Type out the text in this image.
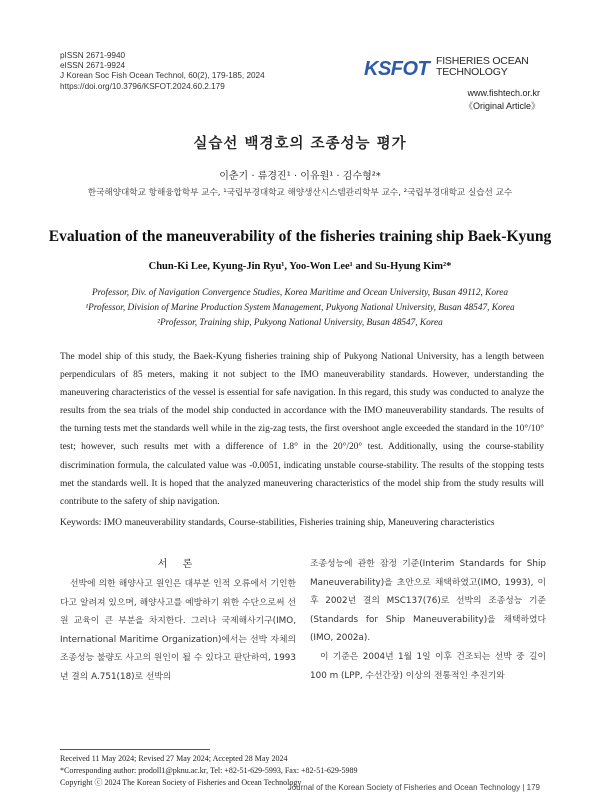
pISSN 2671-9940
eISSN 2671-9924
J Korean Soc Fish Ocean Technol, 60(2), 179-185, 2024
https://doi.org/10.3796/KSFOT.2024.60.2.179
KSFOT FISHERIES OCEAN
TECHNOLOGY
www.fishtech.or.kr
《Original Article》
실습선 백경호의 조종성능 평가
이춘기 · 류경진¹ · 이유원¹ · 김수형²*
한국해양대학교 항해융합학부 교수, ¹국립부경대학교 해양생산시스템관리학부 교수, ²국립부경대학교 실습선 교수
Evaluation of the maneuverability of the fisheries training ship Baek-Kyung
Chun-Ki Lee, Kyung-Jin Ryu¹, Yoo-Won Lee¹ and Su-Hyung Kim²*
Professor, Div. of Navigation Convergence Studies, Korea Maritime and Ocean University, Busan 49112, Korea
¹Professor, Division of Marine Production System Management, Pukyong National University, Busan 48547, Korea
²Professor, Training ship, Pukyong National University, Busan 48547, Korea
The model ship of this study, the Baek-Kyung fisheries training ship of Pukyong National University, has a length between perpendiculars of 85 meters, making it not subject to the IMO maneuverability standards. However, understanding the maneuvering characteristics of the vessel is essential for safe navigation. In this regard, this study was conducted to analyze the results from the sea trials of the model ship conducted in accordance with the IMO maneuverability standards. The results of the turning tests met the standards well while in the zig-zag tests, the first overshoot angle exceeded the standard in the 10°/10° test; however, such results met with a difference of 1.8° in the 20°/20° test. Additionally, using the course-stability discrimination formula, the calculated value was -0.0051, indicating unstable course-stability. The results of the stopping tests met the standards well. It is hoped that the analyzed maneuvering characteristics of the model ship from the study results will contribute to the safety of ship navigation.
Keywords: IMO maneuverability standards, Course-stabilities, Fisheries training ship, Maneuvering characteristics
서 론
선박에 의한 해양사고 원인은 대부분 인적 오류에서 기인한다고 알려져 있으며, 해양사고를 예방하기 위한 수단으로써 선원 교육이 큰 부분을 차지한다. 그러나 국제해사기구(IMO, International Maritime Organization)에서는 선박 자체의 조종성능 불량도 사고의 원인이 될 수 있다고 판단하여, 1993년 결의 A.751(18)로 선박의
조종성능에 관한 잠정 기준(Interim Standards for Ship Maneuverability)을 초안으로 채택하였고(IMO, 1993), 이후 2002년 결의 MSC137(76)로 선박의 조종성능 기준(Standards for Ship Maneuverability)을 채택하였다(IMO, 2002a).
이 기준은 2004년 1월 1일 이후 건조되는 선박 중 길이 100 m (LPP, 수선간장) 이상의 전통적인 추진기와
Received 11 May 2024; Revised 27 May 2024; Accepted 28 May 2024
*Corresponding author: prodoll1@pknu.ac.kr, Tel: +82-51-629-5993, Fax: +82-51-629-5989
Copyright ⓒ 2024 The Korean Society of Fisheries and Ocean Technology
Journal of the Korean Society of Fisheries and Ocean Technology | 179
